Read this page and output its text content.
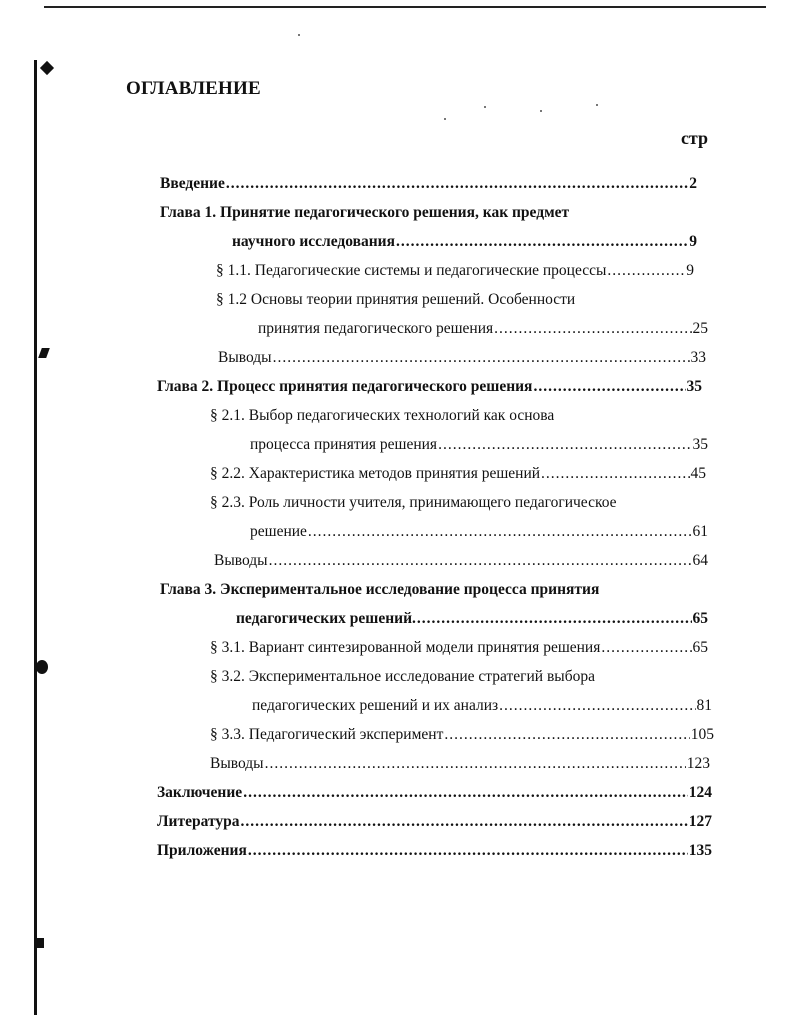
ОГЛАВЛЕНИЕ
стр
Введение .....	2
Глава 1. Принятие педагогического решения, как предмет
научного исследования .....	9
§ 1.1. Педагогические системы и педагогические процессы .....	9
§ 1.2 Основы теории принятия решений. Особенности
принятия педагогического решения .....	25
Выводы .....	33
Глава 2. Процесс принятия педагогического решения .....	35
§ 2.1. Выбор педагогических технологий как основа
процесса принятия решения .....	35
§ 2.2. Характеристика методов принятия решений .....	45
§ 2.3. Роль личности учителя, принимающего педагогическое
решение .....	61
Выводы .....	64
Глава 3. Экспериментальное исследование процесса принятия
педагогических решений. .....	65
§ 3.1. Вариант синтезированной модели принятия решения .....	65
§ 3.2. Экспериментальное исследование стратегий выбора
педагогических решений и их анализ .....	81
§ 3.3. Педагогический эксперимент .....	105
Выводы .....	123
Заключение .....	124
Литература .....	127
Приложения .....	135
